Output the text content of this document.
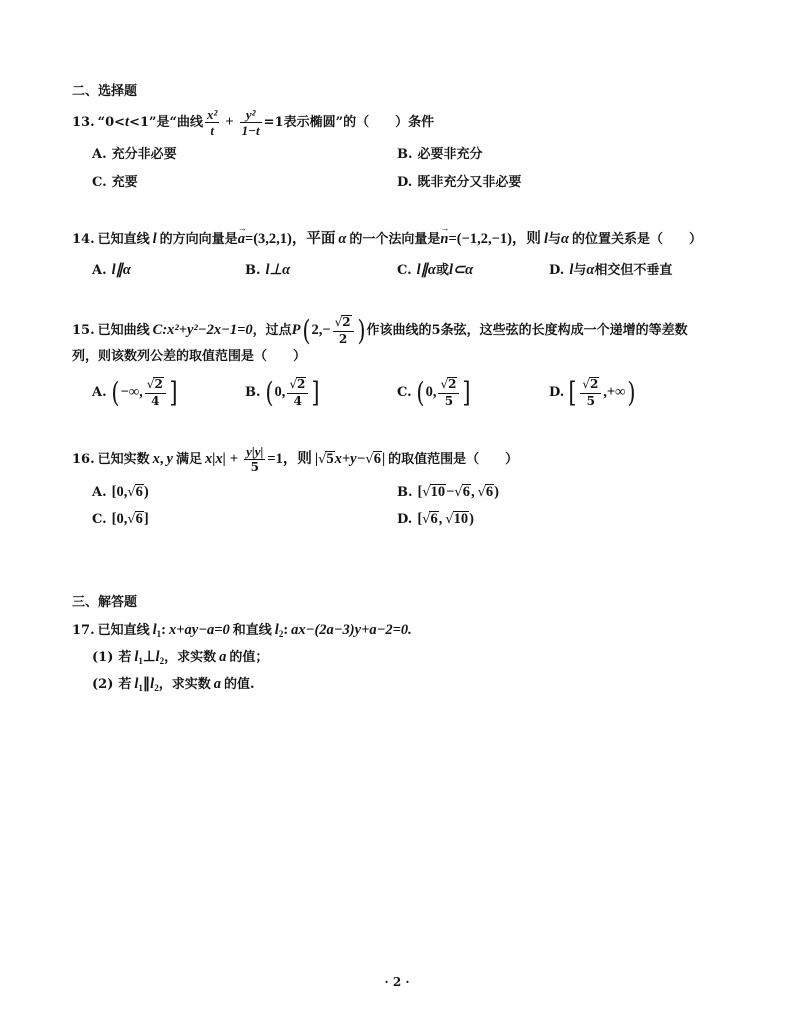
二、选择题
13. “0<t<1”是“曲线 $\frac{\text{x²}}{t} + \frac{\text{y²}}{1-t} =1$表示椭圆”的（　　）条件
A. 充分非必要	B. 必要非充分
C. 充要	D. 既非充分又非必要
14. 已知直线 l 的方向向量是→ a=(3,2,1)，平面 α 的一个法向量是→ n=(−1,2,−1)，则 l与α 的位置关系是（　　）
A. l∥α	B. l⊥α	C. l∥α或l⊂α	D. l与α相交但不垂直
15. 已知曲线 C:x²+y²−2x−1=0，过点$P(2,- \frac{√2}{2}$ )作该曲线的5条弦，这些弦的长度构成一个递增的等差数
列，则该数列公差的取值范围是（　　）
A. (−∞, $\frac{√2}{4}$ ]	B. (0, $\frac{√2}{4}$ ]	C. (0, $\frac{√2}{5}$ ]	D. [ $\frac{√2}{5}$ ,+∞)
16. 已知实数 x, y 满足 $x|x| + \frac{y|y|}{5} =1$，则 |√5x+y−√6| 的取值范围是（　　）
A. [0,√6)	B. [√10−√6, √6)
C. [0,√6]	D. [√6, √10)
三、解答题
17. 已知直线 $l_1$: x+ay−a=0 和直线 $l_2$: ax−(2a−3)y+a−2=0.
(1) 若 $l_1\perp l_2$，求实数 a 的值；
(2) 若 $l_1\parallel l_2$，求实数 a 的值.
· 2 ·
